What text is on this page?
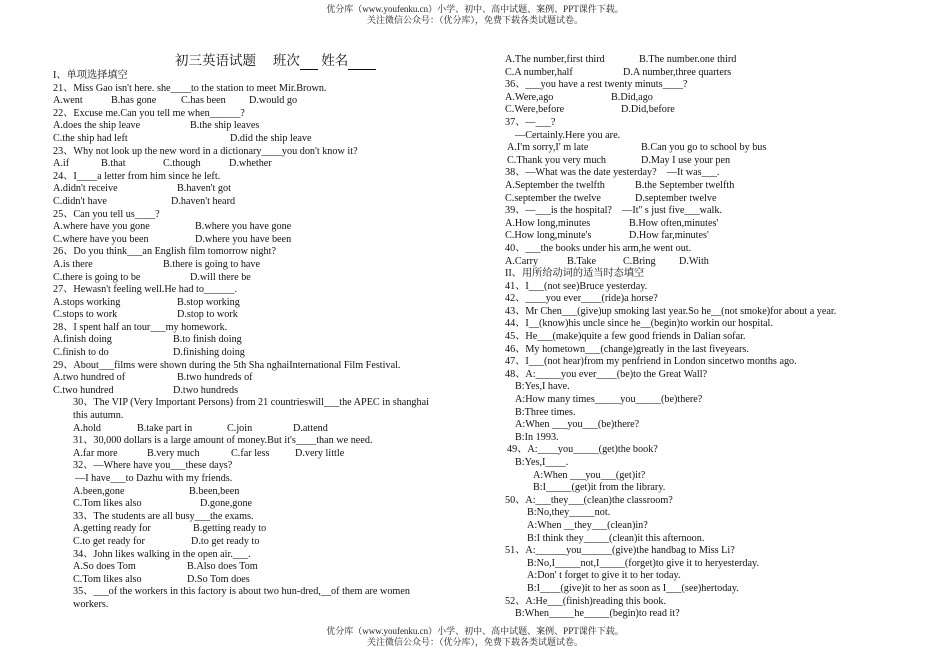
优分库（www.youfenku.cn）小学、初中、高中试题、案例、PPT课件下载。
关注微信公众号：（优分库），免费下载各类试题试卷。
初三英语试题 班次 姓名
I、单项选择填空
21、Miss Gao isn't here. she____to the station to meet Mir.Brown.
A.went	B.has gone	C.has been	D.would go
22、Excuse me.Can you tell me when______?
A.does the ship leave	B.the ship leaves
C.the ship had left	D.did the ship leave
23、Why not look up the new word in a dictionary____you don't know it?
A.if	B.that	C.though	D.whether
24、I____a letter from him since he left.
A.didn't receive	B.haven't got
C.didn't have	D.haven't heard
25、Can you tell us____?
A.where have you gone	B.where you have gone
C.where have you been	D.where you have been
26、Do you think___an English film tomorrow night?
A.is there	B.there is going to have
C.there is going to be	D.will there be
27、Hewasn't feeling well.He had to______.
A.stops working	B.stop working
C.stops to work	D.stop to work
28、I spent half an tour___my homework.
A.finish doing	B.to finish doing
C.finish to do	D.finishing doing
29、About___films were shown during the 5th Sha nghaiInternational Film Festival.
A.two hundred of	B.two hundreds of
C.two hundred	D.two hundreds
30、The VIP (Very Important Persons) from 21 countrieswill___the APEC in shanghai
this autumn.
A.hold	B.take part in	C.join	D.attend
31、30,000 dollars is a large amount of money.But it's____than we need.
A.far more	B.very much	C.far less	D.very little
32、—Where have you___these days?
—I have___to Dazhu with my friends.
A.been,gone	B.been,been
C.Tom likes also	D.gone,gone
33、The students are all busy___the exams.
A.getting ready for	B.getting ready to
C.to get ready for	D.to get ready to
34、John likes walking in the open air.___.
A.So does Tom	B.Also does Tom
C.Tom likes also	D.So Tom does
35、___of the workers in this factory is about two hun-dred,__of them are women
workers.
A.The number,first third	B.The number.one third
C.A number,half	D.A number,three quarters
36、___you have a rest twenty minuts____?
A.Were,ago	B.Did,ago
C.Were,before	D.Did,before
37、—___?
—Certainly.Here you are.
A.I'm sorry,I' m late	B.Can you go to school by bus
C.Thank you very much	D.May I use your pen
38、—What was the date yesterday?　—It was___.
A.September the twelfth	B.the September twelfth
C.september the twelve	D.september twelve
39、—___is the hospital?　—It'' s just five___walk.
A.How long,minutes	B.How often,minutes'
C.How long,minute's	D.How far,minutes'
40、___the books under his arm,he went out.
A.Carry	B.Take	C.Bring	D.With
II、用所给动词的适当时态填空
41、I___(not see)Bruce yesterday.
42、____you ever____(ride)a horse?
43、Mr Chen___(give)up smoking last year.So he__(not smoke)for about a year.
44、I__(know)his uncle since he__(begin)to workin our hospital.
45、He___(make)quite a few good friends in Dalian sofar.
46、My hometown___(change)greatly in the last fiveyears.
47、I___(not hear)from my penfriend in London sincetwo months ago.
48、A:_____you ever____(be)to the Great Wall?
B:Yes,I have.
A:How many times_____you_____(be)there?
B:Three times.
A:When ___you___(be)there?
B:In 1993.
49、A:____you_____(get)the book?
B:Yes,I____.
A:When ___you___(get)it?
B:I_____(get)it from the library.
50、A:___they___(clean)the classroom?
B:No,they_____not.
A:When __they___(clean)in?
B:I think they_____(clean)it this afternoon.
51、A:______you______(give)the handbag to Miss Li?
B:No,I_____not,I_____(forget)to give it to heryesterday.
A:Don' t forget to give it to her today.
B:I____(give)it to her as soon as I___(see)hertoday.
52、A:He___(finish)reading this book.
B:When_____he_____(begin)to read it?
优分库（www.youfenku.cn）小学、初中、高中试题、案例、PPT课件下载。
关注微信公众号：（优分库），免费下载各类试题试卷。
